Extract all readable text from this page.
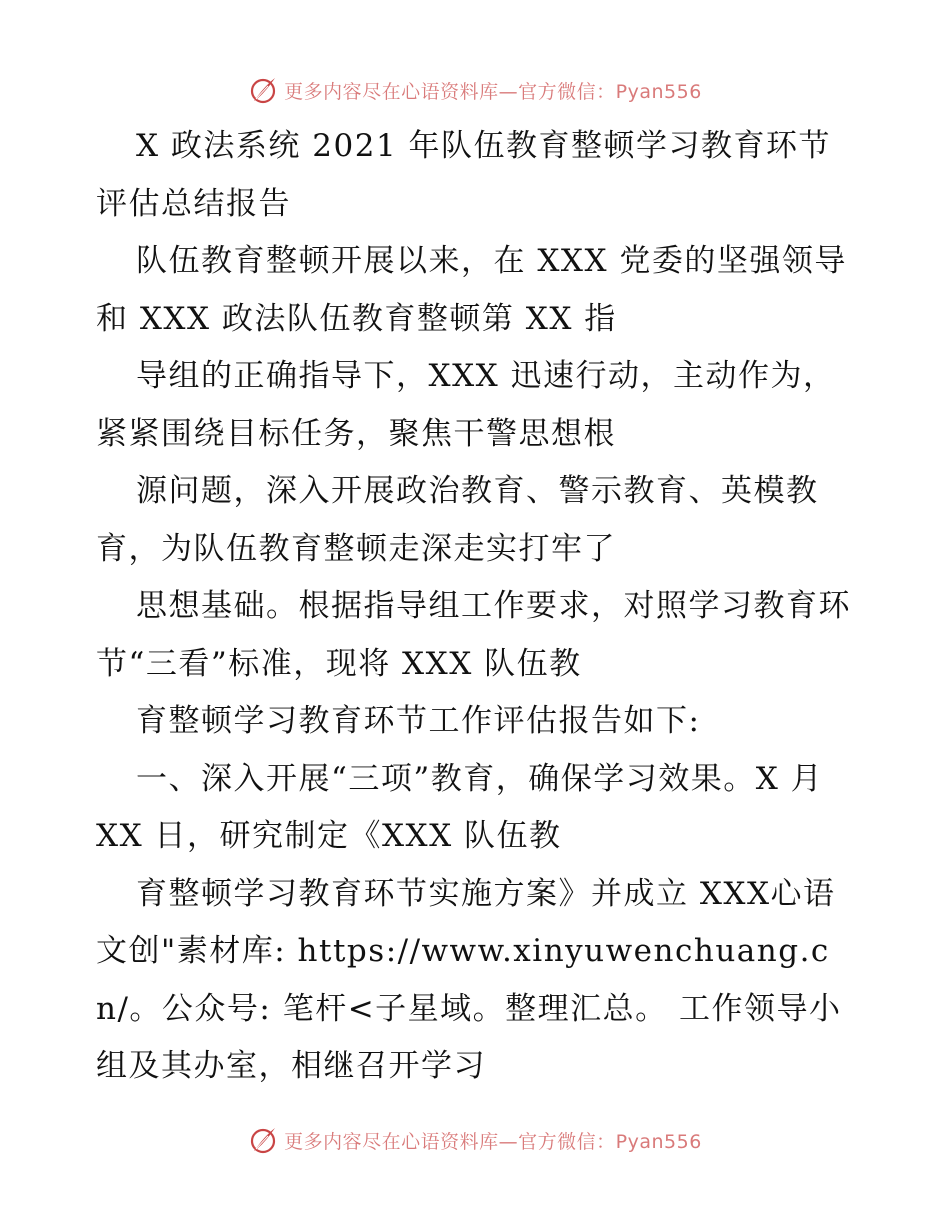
更多内容尽在心语资料库—官方微信：Pyan556

X 政法系统 2021 年队伍教育整顿学习教育环节评估总结报告

队伍教育整顿开展以来，在 XXX 党委的坚强领导和 XXX 政法队伍教育整顿第 XX 指

导组的正确指导下，XXX 迅速行动，主动作为，紧紧围绕目标任务，聚焦干警思想根

源问题，深入开展政治教育、警示教育、英模教育，为队伍教育整顿走深走实打牢了

思想基础。根据指导组工作要求，对照学习教育环节“三看”标准，现将 XXX 队伍教

育整顿学习教育环节工作评估报告如下:

一、深入开展“三项”教育，确保学习效果。X 月 XX 日，研究制定《XXX 队伍教

育整顿学习教育环节实施方案》并成立 XXX心语文创"素材库: https://www.xinyuwenchuang.cn/。公众号: 笔杆<子星域。整理汇总。 工作领导小组及其办室，相继召开学习

更多内容尽在心语资料库—官方微信：Pyan556
